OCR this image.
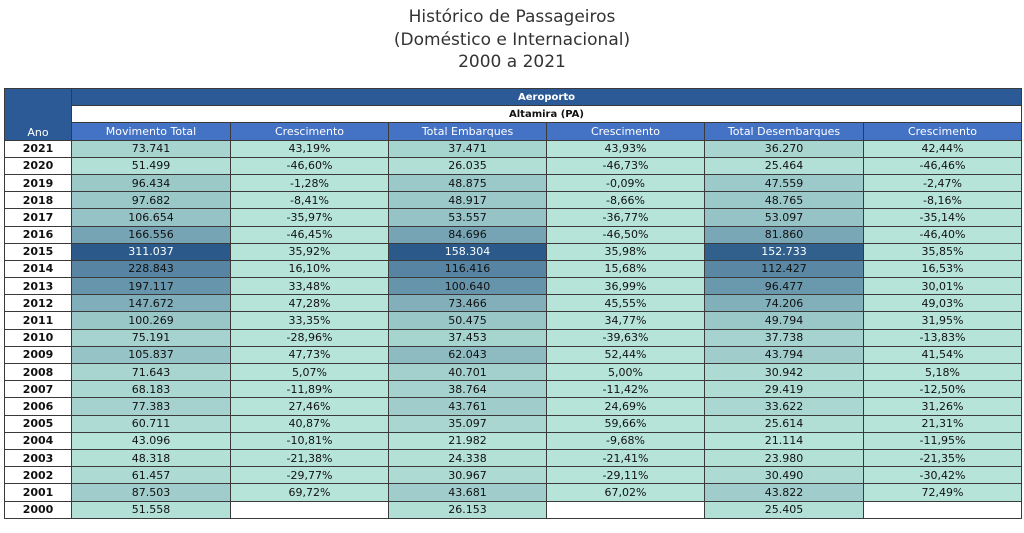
Histórico de Passageiros
(Doméstico e Internacional)
2000 a 2021
Ano	Aeroporto					
	Altamira (PA)					
	Movimento Total	Crescimento	Total Embarques	Crescimento	Total Desembarques	Crescimento
2021	73.741	43,19%	37.471	43,93%	36.270	42,44%
2020	51.499	-46,60%	26.035	-46,73%	25.464	-46,46%
2019	96.434	-1,28%	48.875	-0,09%	47.559	-2,47%
2018	97.682	-8,41%	48.917	-8,66%	48.765	-8,16%
2017	106.654	-35,97%	53.557	-36,77%	53.097	-35,14%
2016	166.556	-46,45%	84.696	-46,50%	81.860	-46,40%
2015	311.037	35,92%	158.304	35,98%	152.733	35,85%
2014	228.843	16,10%	116.416	15,68%	112.427	16,53%
2013	197.117	33,48%	100.640	36,99%	96.477	30,01%
2012	147.672	47,28%	73.466	45,55%	74.206	49,03%
2011	100.269	33,35%	50.475	34,77%	49.794	31,95%
2010	75.191	-28,96%	37.453	-39,63%	37.738	-13,83%
2009	105.837	47,73%	62.043	52,44%	43.794	41,54%
2008	71.643	5,07%	40.701	5,00%	30.942	5,18%
2007	68.183	-11,89%	38.764	-11,42%	29.419	-12,50%
2006	77.383	27,46%	43.761	24,69%	33.622	31,26%
2005	60.711	40,87%	35.097	59,66%	25.614	21,31%
2004	43.096	-10,81%	21.982	-9,68%	21.114	-11,95%
2003	48.318	-21,38%	24.338	-21,41%	23.980	-21,35%
2002	61.457	-29,77%	30.967	-29,11%	30.490	-30,42%
2001	87.503	69,72%	43.681	67,02%	43.822	72,49%
2000	51.558		26.153		25.405	
